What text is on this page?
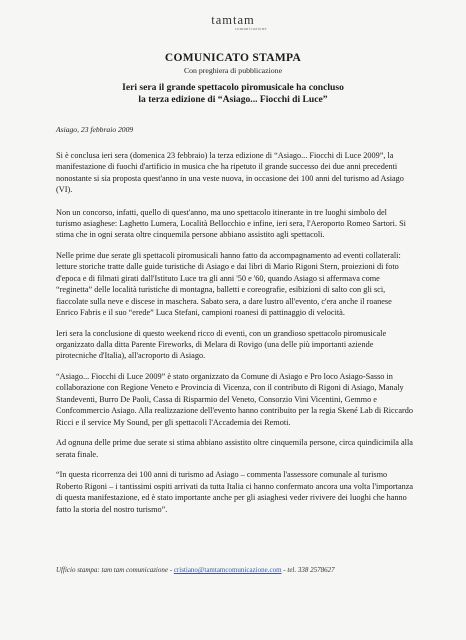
tamtam
comunicazione
COMUNICATO STAMPA
Con preghiera di pubblicazione
Ieri sera il grande spettacolo piromusicale ha concluso
la terza edizione di “Asiago... Fiocchi di Luce”
Asiago, 23 febbraio 2009

Si è conclusa ieri sera (domenica 23 febbraio) la terza edizione di “Asiago... Fiocchi di Luce 2009”, la manifestazione di fuochi d'artificio in musica che ha ripetuto il grande successo dei due anni precedenti nonostante si sia proposta quest'anno in una veste nuova, in occasione dei 100 anni del turismo ad Asiago (VI).

Non un concorso, infatti, quello di quest'anno, ma uno spettacolo itinerante in tre luoghi simbolo del turismo asiaghese: Laghetto Lumera, Località Bellocchio e infine, ieri sera, l'Aeroporto Romeo Sartori. Si stima che in ogni serata oltre cinquemila persone abbiano assistito agli spettacoli.

Nelle prime due serate gli spettacoli piromusicali hanno fatto da accompagnamento ad eventi collaterali: letture storiche tratte dalle guide turistiche di Asiago e dai libri di Mario Rigoni Stern, proiezioni di foto d'epoca e di filmati girati dall'Istituto Luce tra gli anni '50 e '60, quando Asiago si affermava come “reginetta” delle località turistiche di montagna, balletti e coreografie, esibizioni di salto con gli sci, fiaccolate sulla neve e discese in maschera. Sabato sera, a dare lustro all'evento, c'era anche il roanese Enrico Fabris e il suo “erede” Luca Stefani, campioni roanesi di pattinaggio di velocità.

Ieri sera la conclusione di questo weekend ricco di eventi, con un grandioso spettacolo piromusicale organizzato dalla ditta Parente Fireworks, di Melara di Rovigo (una delle più importanti aziende pirotecniche d'Italia), all'acroporto di Asiago.

“Asiago... Fiocchi di Luce 2009” è stato organizzato da Comune di Asiago e Pro loco Asiago-Sasso in collaborazione con Regione Veneto e Provincia di Vicenza, con il contributo di Rigoni di Asiago, Manaly Standeventi, Burro De Paoli, Cassa di Risparmio del Veneto, Consorzio Vini Vicentini, Gemmo e Confcommercio Asiago. Alla realizzazione dell'evento hanno contribuito per la regia Skené Lab di Riccardo Ricci e il service My Sound, per gli spettacoli l'Accademia dei Remoti.

Ad ognuna delle prime due serate si stima abbiano assistito oltre cinquemila persone, circa quindicimila alla serata finale.

“In questa ricorrenza dei 100 anni di turismo ad Asiago – commenta l'assessore comunale al turismo Roberto Rigoni – i tantissimi ospiti arrivati da tutta Italia ci hanno confermato ancora una volta l'importanza di questa manifestazione, ed è stato importante anche per gli asiaghesi veder rivivere dei luoghi che hanno fatto la storia del nostro turismo”.

Ufficio stampa: tam tam comunicazione - cristiano@tamtamcomunicazione.com - tel. 338 2578627
